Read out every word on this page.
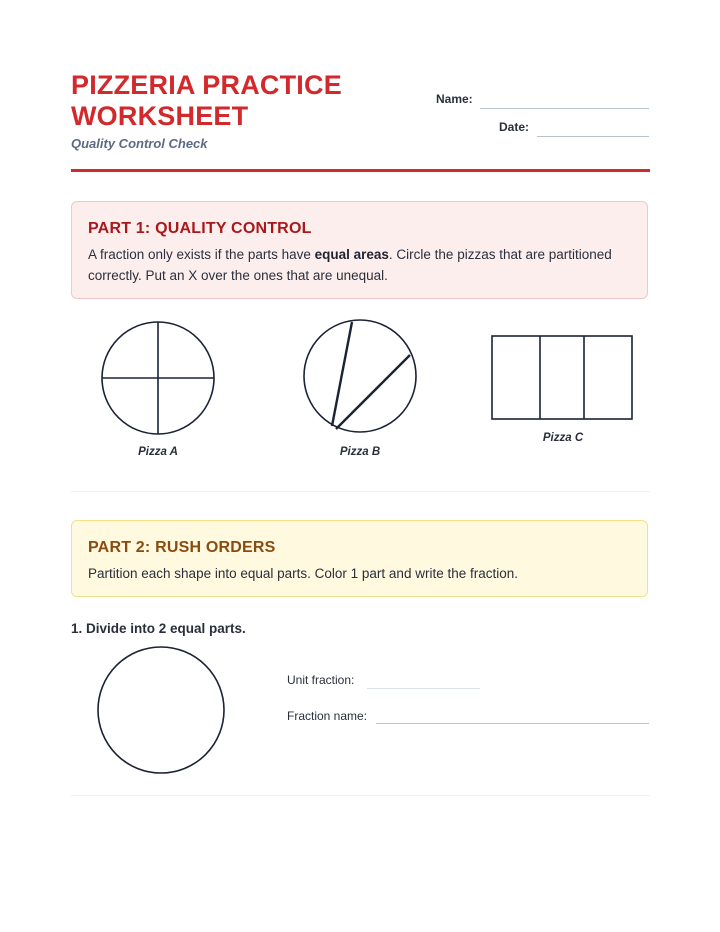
PIZZERIA PRACTICE WORKSHEET
Quality Control Check
Name:
Date:
PART 1: QUALITY CONTROL

A fraction only exists if the parts have equal areas. Circle the pizzas that are partitioned correctly. Put an X over the ones that are unequal.

Pizza A	Pizza B
Pizza C
PART 2: RUSH ORDERS

Partition each shape into equal parts. Color 1 part and write the fraction.

1. Divide into 2 equal parts.
Unit fraction:
Fraction name:
